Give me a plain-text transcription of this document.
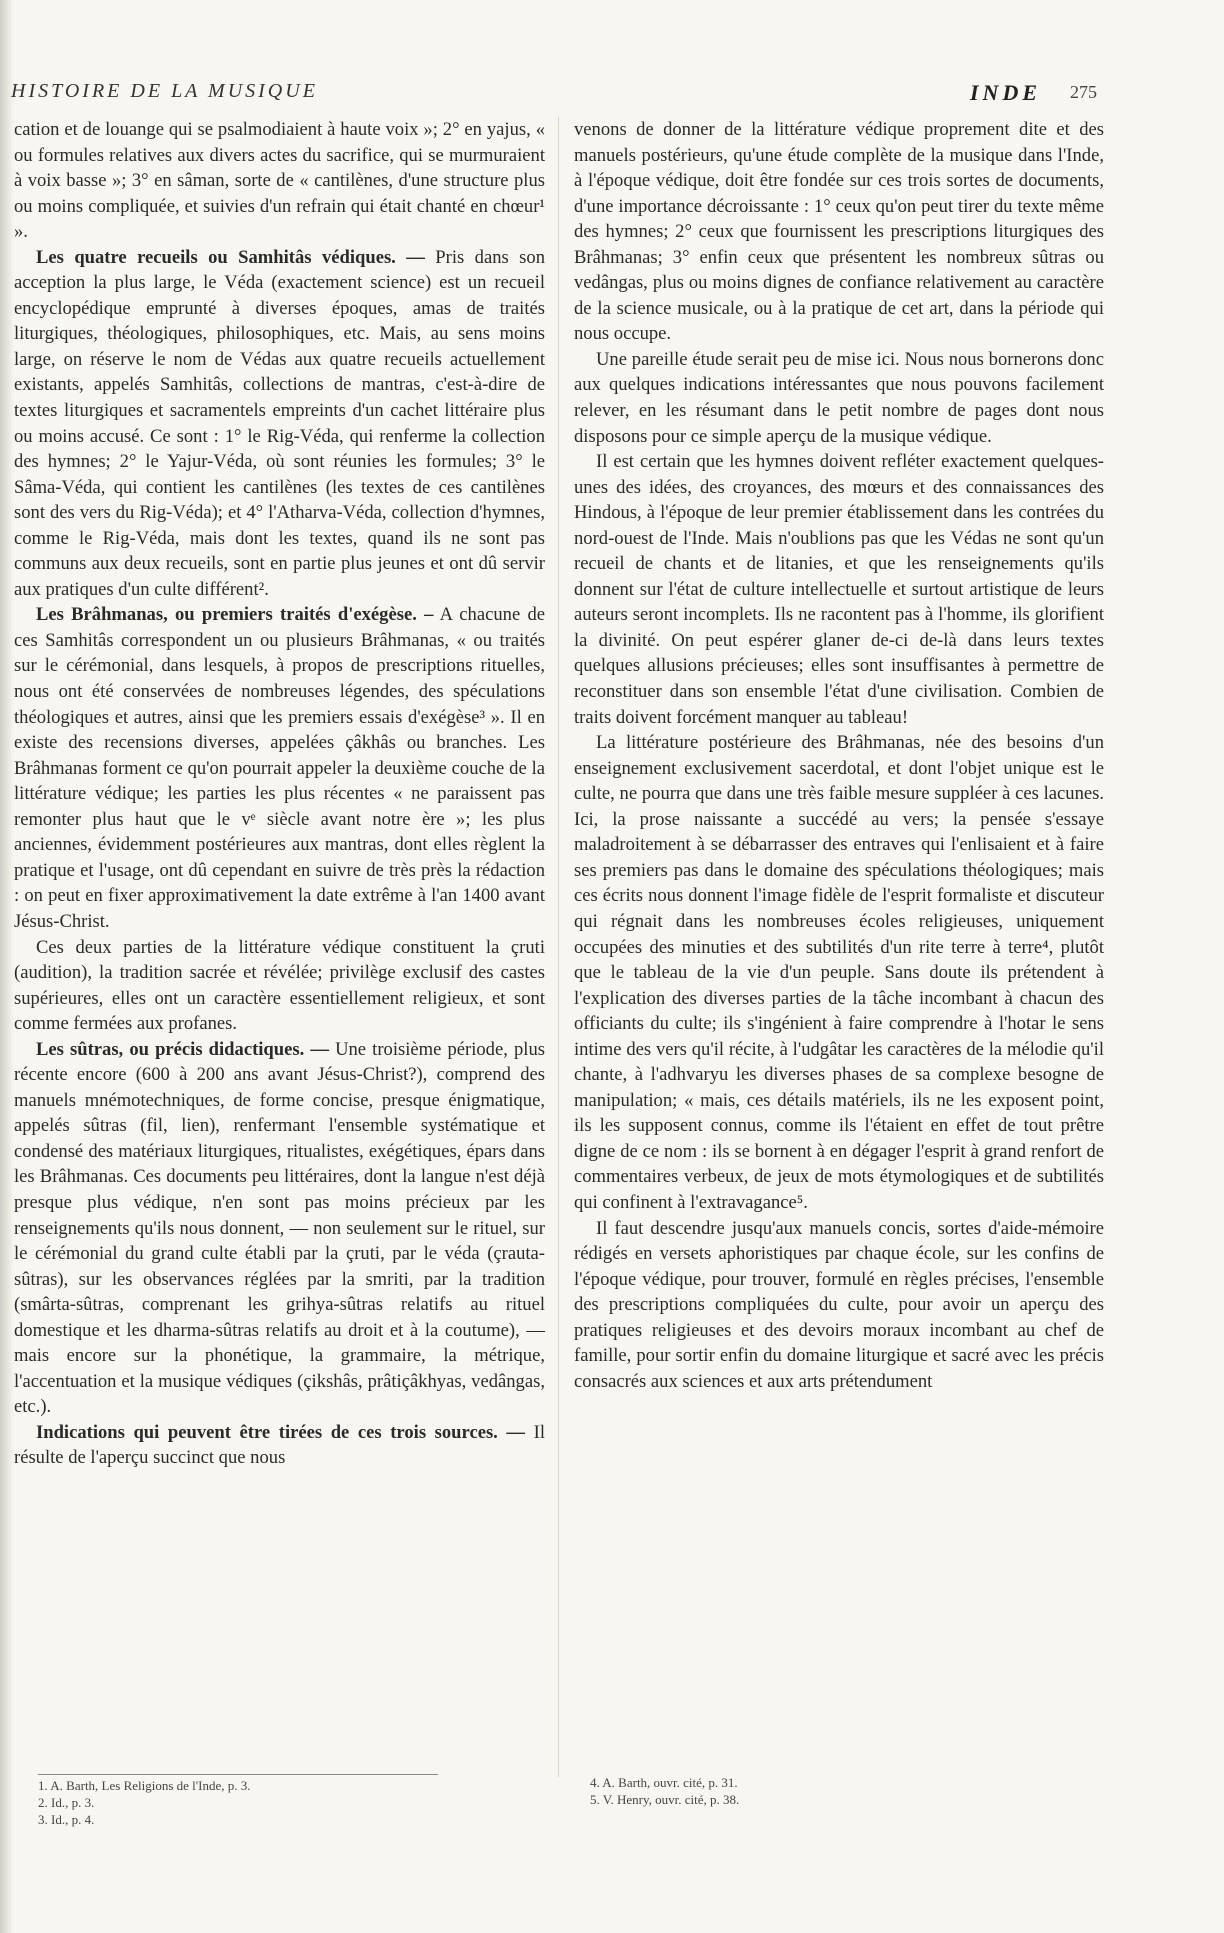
HISTOIRE DE LA MUSIQUE	INDE 275

cation et de louange qui se psalmodiaient à haute voix »; 2° en yajus, « ou formules relatives aux divers actes du sacrifice, qui se murmuraient à voix basse »; 3° en sâman, sorte de « cantilènes, d'une structure plus ou moins compliquée, et suivies d'un refrain qui était chanté en chœur¹ ».

Les quatre recueils ou Samhitâs védiques. — Pris dans son acception la plus large, le Véda (exactement science) est un recueil encyclopédique emprunté à diverses époques, amas de traités liturgiques, théologiques, philosophiques, etc. Mais, au sens moins large, on réserve le nom de Védas aux quatre recueils actuellement existants, appelés Samhitâs, collections de mantras, c'est-à-dire de textes liturgiques et sacramentels empreints d'un cachet littéraire plus ou moins accusé. Ce sont : 1° le Rig-Véda, qui renferme la collection des hymnes; 2° le Yajur-Véda, où sont réunies les formules; 3° le Sâma-Véda, qui contient les cantilènes (les textes de ces cantilènes sont des vers du Rig-Véda); et 4° l'Atharva-Véda, collection d'hymnes, comme le Rig-Véda, mais dont les textes, quand ils ne sont pas communs aux deux recueils, sont en partie plus jeunes et ont dû servir aux pratiques d'un culte différent².

Les Brâhmanas, ou premiers traités d'exégèse. – A chacune de ces Samhitâs correspondent un ou plusieurs Brâhmanas, « ou traités sur le cérémonial, dans lesquels, à propos de prescriptions rituelles, nous ont été conservées de nombreuses légendes, des spéculations théologiques et autres, ainsi que les premiers essais d'exégèse³ ». Il en existe des recensions diverses, appelées çâkhâs ou branches. Les Brâhmanas forment ce qu'on pourrait appeler la deuxième couche de la littérature védique; les parties les plus récentes « ne paraissent pas remonter plus haut que le vᵉ siècle avant notre ère »; les plus anciennes, évidemment postérieures aux mantras, dont elles règlent la pratique et l'usage, ont dû cependant en suivre de très près la rédaction : on peut en fixer approximativement la date extrême à l'an 1400 avant Jésus-Christ.

Ces deux parties de la littérature védique constituent la çruti (audition), la tradition sacrée et révélée; privilège exclusif des castes supérieures, elles ont un caractère essentiellement religieux, et sont comme fermées aux profanes.

Les sûtras, ou précis didactiques. — Une troisième période, plus récente encore (600 à 200 ans avant Jésus-Christ?), comprend des manuels mnémotechniques, de forme concise, presque énigmatique, appelés sûtras (fil, lien), renfermant l'ensemble systématique et condensé des matériaux liturgiques, ritualistes, exégétiques, épars dans les Brâhmanas. Ces documents peu littéraires, dont la langue n'est déjà presque plus védique, n'en sont pas moins précieux par les renseignements qu'ils nous donnent, — non seulement sur le rituel, sur le cérémonial du grand culte établi par la çruti, par le véda (çrauta-sûtras), sur les observances réglées par la smriti, par la tradition (smârta-sûtras, comprenant les grihya-sûtras relatifs au rituel domestique et les dharma-sûtras relatifs au droit et à la coutume), — mais encore sur la phonétique, la grammaire, la métrique, l'accentuation et la musique védiques (çikshâs, prâtiçâkhyas, vedângas, etc.).

Indications qui peuvent être tirées de ces trois sources. — Il résulte de l'aperçu succinct que nous

venons de donner de la littérature védique proprement dite et des manuels postérieurs, qu'une étude complète de la musique dans l'Inde, à l'époque védique, doit être fondée sur ces trois sortes de documents, d'une importance décroissante : 1° ceux qu'on peut tirer du texte même des hymnes; 2° ceux que fournissent les prescriptions liturgiques des Brâhmanas; 3° enfin ceux que présentent les nombreux sûtras ou vedângas, plus ou moins dignes de confiance relativement au caractère de la science musicale, ou à la pratique de cet art, dans la période qui nous occupe.

Une pareille étude serait peu de mise ici. Nous nous bornerons donc aux quelques indications intéressantes que nous pouvons facilement relever, en les résumant dans le petit nombre de pages dont nous disposons pour ce simple aperçu de la musique védique.

Il est certain que les hymnes doivent refléter exactement quelques-unes des idées, des croyances, des mœurs et des connaissances des Hindous, à l'époque de leur premier établissement dans les contrées du nord-ouest de l'Inde. Mais n'oublions pas que les Védas ne sont qu'un recueil de chants et de litanies, et que les renseignements qu'ils donnent sur l'état de culture intellectuelle et surtout artistique de leurs auteurs seront incomplets. Ils ne racontent pas à l'homme, ils glorifient la divinité. On peut espérer glaner de-ci de-là dans leurs textes quelques allusions précieuses; elles sont insuffisantes à permettre de reconstituer dans son ensemble l'état d'une civilisation. Combien de traits doivent forcément manquer au tableau!

La littérature postérieure des Brâhmanas, née des besoins d'un enseignement exclusivement sacerdotal, et dont l'objet unique est le culte, ne pourra que dans une très faible mesure suppléer à ces lacunes. Ici, la prose naissante a succédé au vers; la pensée s'essaye maladroitement à se débarrasser des entraves qui l'enlisaient et à faire ses premiers pas dans le domaine des spéculations théologiques; mais ces écrits nous donnent l'image fidèle de l'esprit formaliste et discuteur qui régnait dans les nombreuses écoles religieuses, uniquement occupées des minuties et des subtilités d'un rite terre à terre⁴, plutôt que le tableau de la vie d'un peuple. Sans doute ils prétendent à l'explication des diverses parties de la tâche incombant à chacun des officiants du culte; ils s'ingénient à faire comprendre à l'hotar le sens intime des vers qu'il récite, à l'udgâtar les caractères de la mélodie qu'il chante, à l'adhvaryu les diverses phases de sa complexe besogne de manipulation; « mais, ces détails matériels, ils ne les exposent point, ils les supposent connus, comme ils l'étaient en effet de tout prêtre digne de ce nom : ils se bornent à en dégager l'esprit à grand renfort de commentaires verbeux, de jeux de mots étymologiques et de subtilités qui confinent à l'extravagance⁵.

Il faut descendre jusqu'aux manuels concis, sortes d'aide-mémoire rédigés en versets aphoristiques par chaque école, sur les confins de l'époque védique, pour trouver, formulé en règles précises, l'ensemble des prescriptions compliquées du culte, pour avoir un aperçu des pratiques religieuses et des devoirs moraux incombant au chef de famille, pour sortir enfin du domaine liturgique et sacré avec les précis consacrés aux sciences et aux arts prétendument

1. A. Barth, Les Religions de l'Inde, p. 3.
2. Id., p. 3.
3. Id., p. 4.
4. A. Barth, ouvr. cité, p. 31.
5. V. Henry, ouvr. cité, p. 38.
